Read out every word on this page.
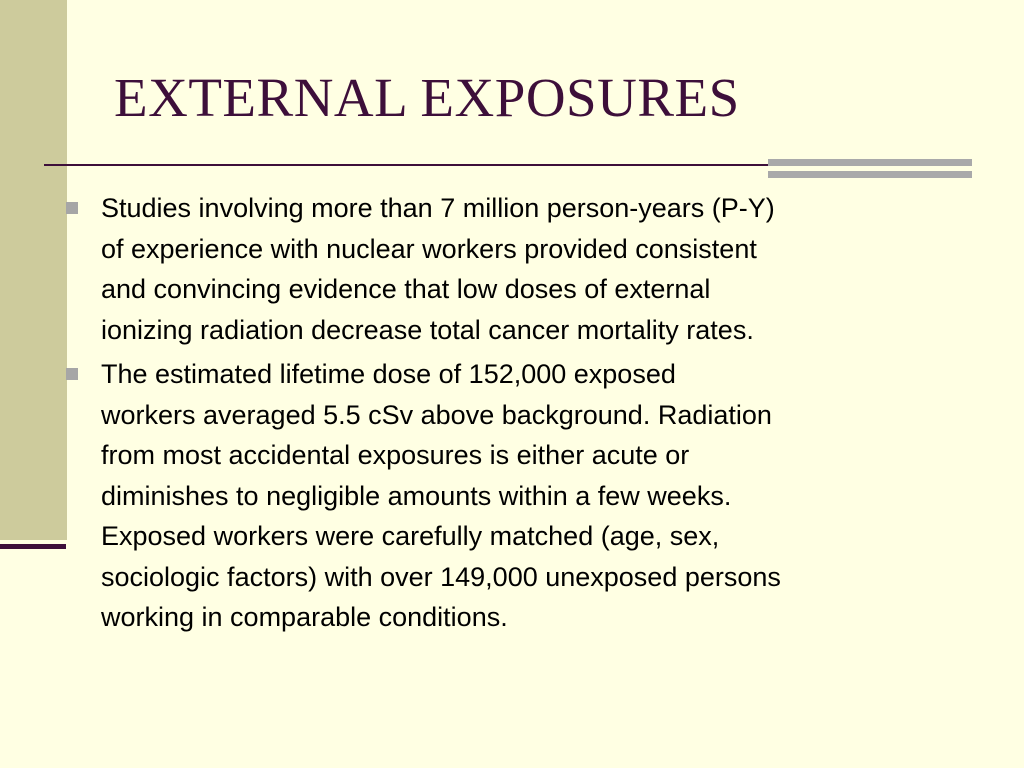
EXTERNAL EXPOSURES
Studies involving more than 7 million person-years (P-Y)
of experience with nuclear workers provided consistent
and convincing evidence that low doses of external
ionizing radiation decrease total cancer mortality rates.
The estimated lifetime dose of 152,000 exposed
workers averaged 5.5 cSv above background. Radiation
from most accidental exposures is either acute or
diminishes to negligible amounts within a few weeks.
Exposed workers were carefully matched (age, sex,
sociologic factors) with over 149,000 unexposed persons
working in comparable conditions.
